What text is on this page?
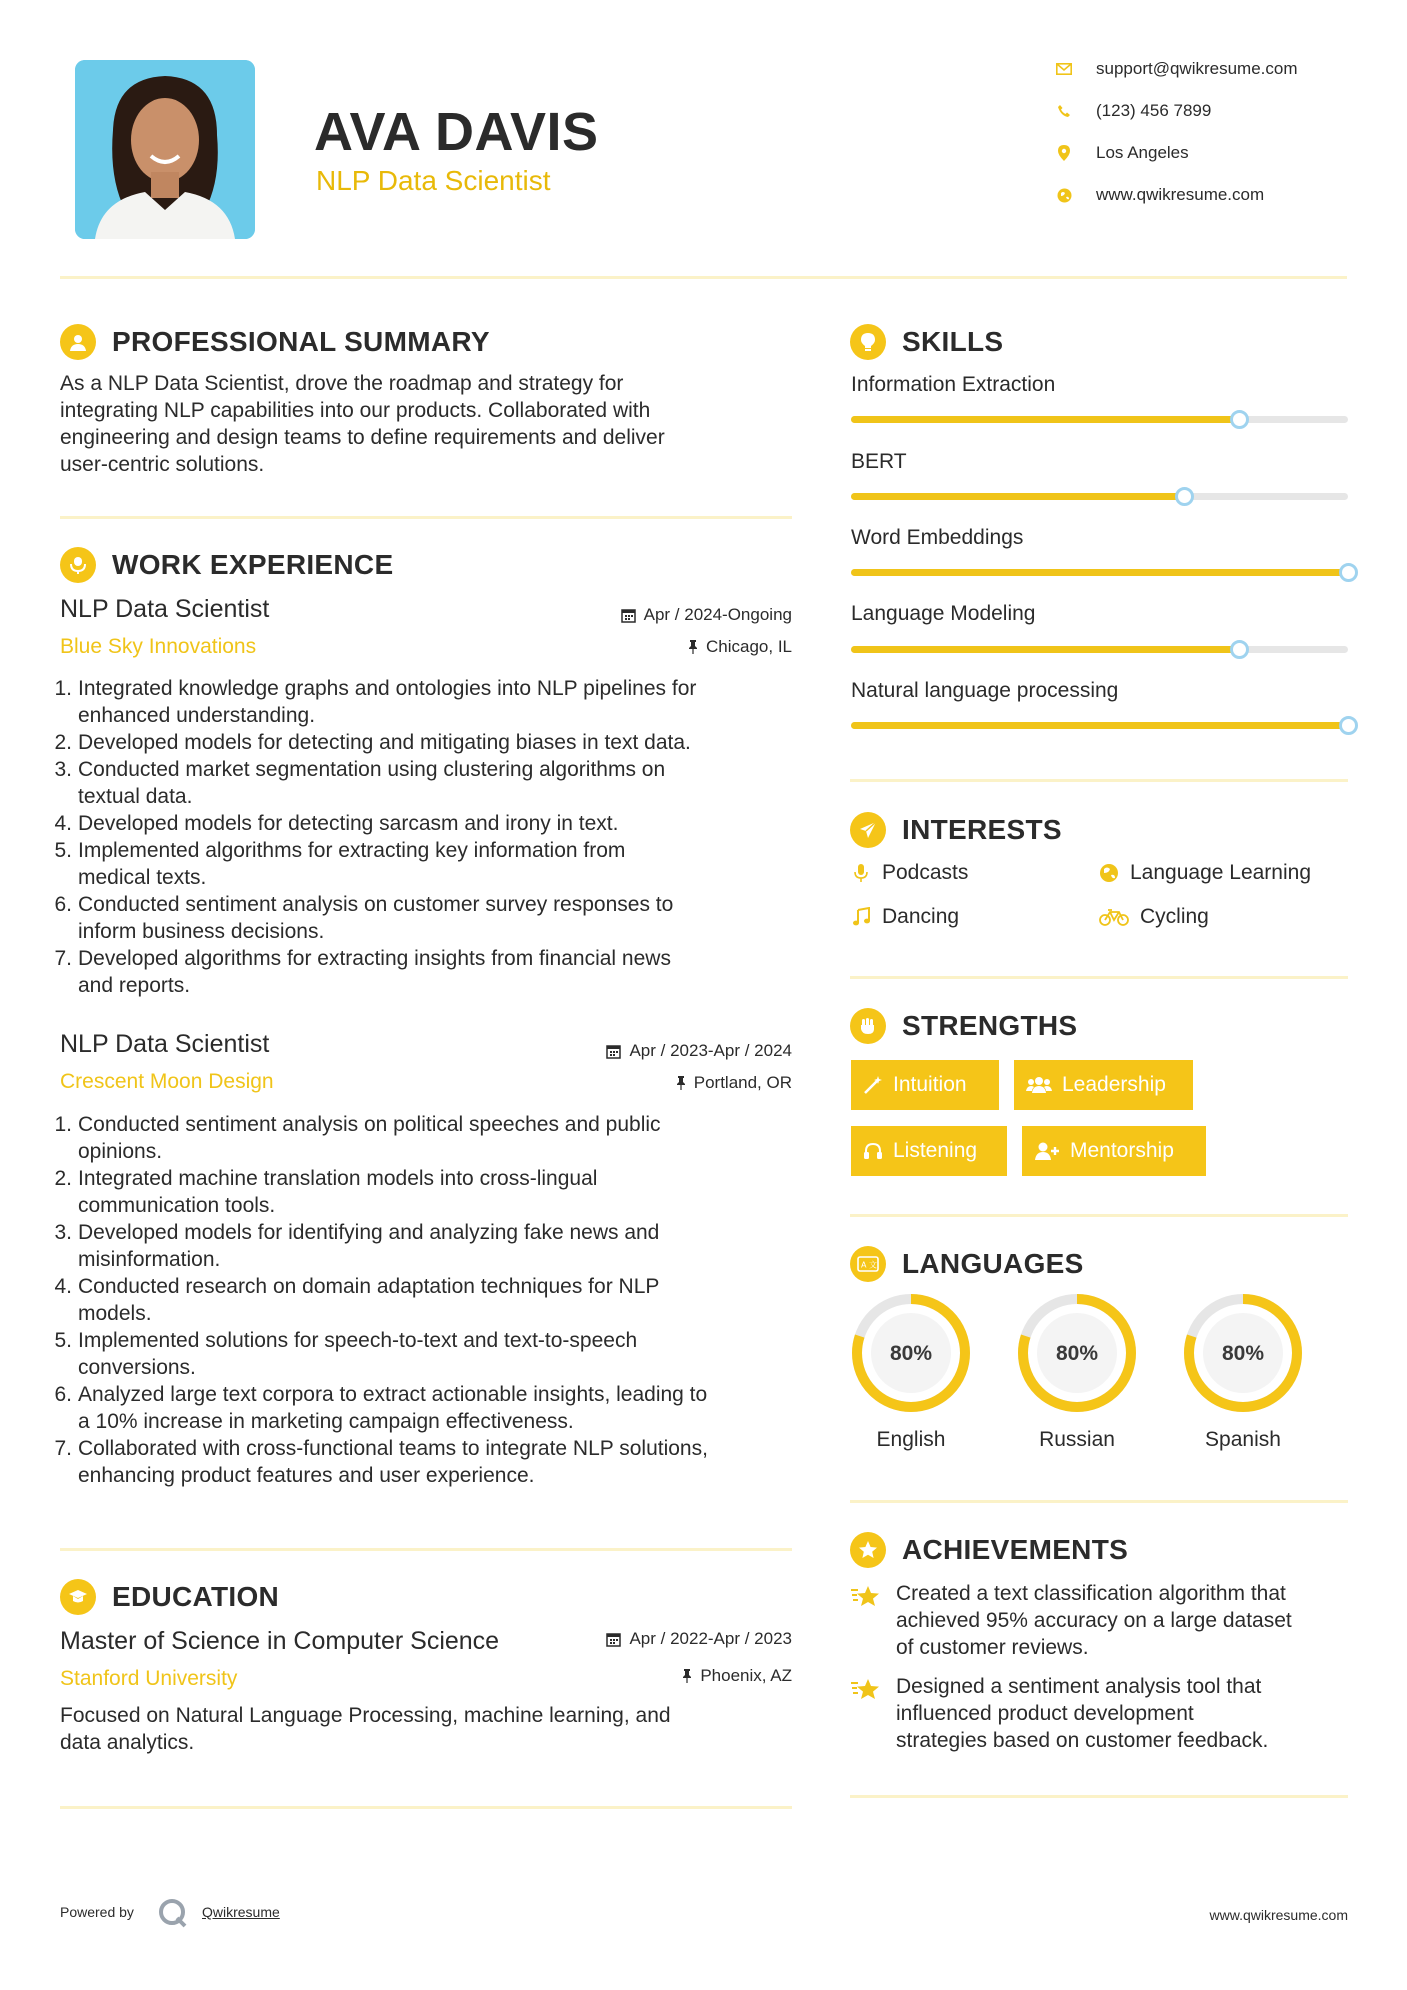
AVA DAVIS
NLP Data Scientist
support@qwikresume.com
(123) 456 7899
Los Angeles
www.qwikresume.com
PROFESSIONAL SUMMARY
As a NLP Data Scientist, drove the roadmap and strategy for
integrating NLP capabilities into our products. Collaborated with
engineering and design teams to define requirements and deliver
user-centric solutions.
WORK EXPERIENCE
NLP Data Scientist	Apr / 2024-Ongoing
Blue Sky Innovations	Chicago, IL
1. Integrated knowledge graphs and ontologies into NLP pipelines for
enhanced understanding.
2. Developed models for detecting and mitigating biases in text data.
3. Conducted market segmentation using clustering algorithms on
textual data.
4. Developed models for detecting sarcasm and irony in text.
5. Implemented algorithms for extracting key information from
medical texts.
6. Conducted sentiment analysis on customer survey responses to
inform business decisions.
7. Developed algorithms for extracting insights from financial news
and reports.
NLP Data Scientist	Apr / 2023-Apr / 2024
Crescent Moon Design	Portland, OR
1. Conducted sentiment analysis on political speeches and public
opinions.
2. Integrated machine translation models into cross-lingual
communication tools.
3. Developed models for identifying and analyzing fake news and
misinformation.
4. Conducted research on domain adaptation techniques for NLP
models.
5. Implemented solutions for speech-to-text and text-to-speech
conversions.
6. Analyzed large text corpora to extract actionable insights, leading to
a 10% increase in marketing campaign effectiveness.
7. Collaborated with cross-functional teams to integrate NLP solutions,
enhancing product features and user experience.
EDUCATION
Master of Science in Computer Science	Apr / 2022-Apr / 2023
Stanford University	Phoenix, AZ
Focused on Natural Language Processing, machine learning, and
data analytics.
SKILLS
Information Extraction
BERT
Word Embeddings
Language Modeling
Natural language processing
INTERESTS
Podcasts	Language Learning
Dancing	Cycling
STRENGTHS
Intuition	Leadership
Listening	Mentorship
A 文 LANGUAGES
80%
English
80%
Russian
80%
Spanish
ACHIEVEMENTS
Created a text classification algorithm that
achieved 95% accuracy on a large dataset
of customer reviews.
Designed a sentiment analysis tool that
influenced product development
strategies based on customer feedback.
Powered by	Qwikresume	www.qwikresume.com
